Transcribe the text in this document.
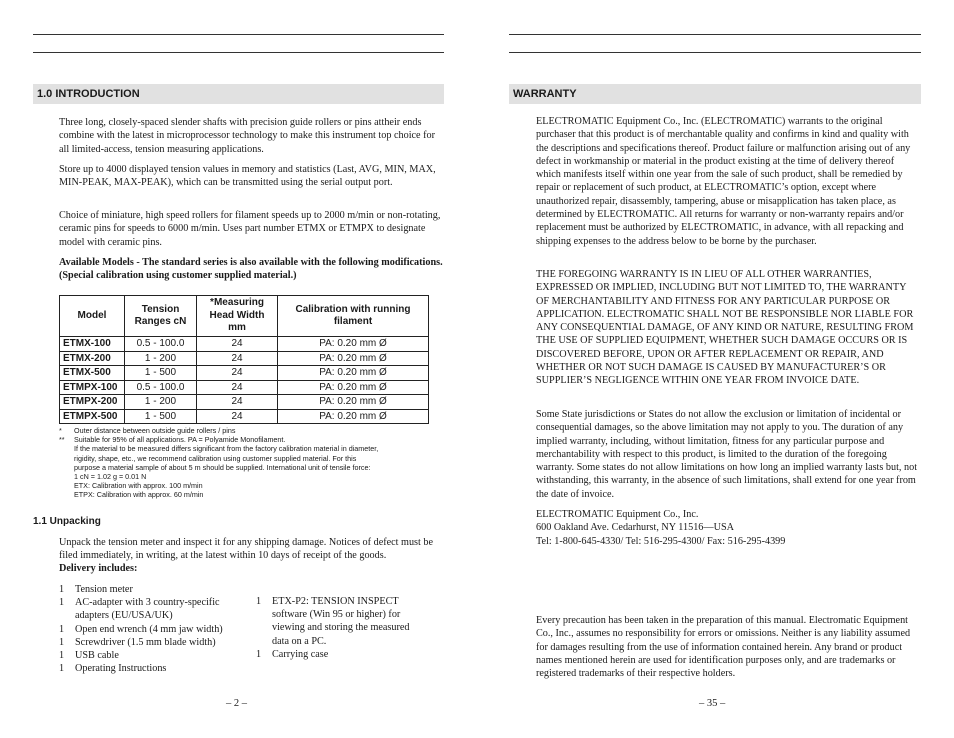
1.0 INTRODUCTION

Three long, closely-spaced slender shafts with precision guide rollers or pins attheir ends combine with the latest in microprocessor technology to make this instrument top choice for all limited-access, tension measuring applications.

Store up to 4000 displayed tension values in memory and statistics (Last, AVG, MIN, MAX, MIN-PEAK, MAX-PEAK), which can be transmitted using the serial output port.

Choice of miniature, high speed rollers for filament speeds up to 2000 m/min or non-rotating, ceramic pins for speeds to 6000 m/min. Uses part number ETMX or ETMPX to designate model with ceramic pins.

Available Models - The standard series is also available with the following modifications. (Special calibration using customer supplied material.)

Model	Tension Ranges cN	*Measuring Head Width mm	Calibration with running filament
ETMX-100	0.5 - 100.0	24	PA: 0.20 mm Ø
ETMX-200	1 - 200	24	PA: 0.20 mm Ø
ETMX-500	1 - 500	24	PA: 0.20 mm Ø
ETMPX-100	0.5 - 100.0	24	PA: 0.20 mm Ø
ETMPX-200	1 - 200	24	PA: 0.20 mm Ø
ETMPX-500	1 - 500	24	PA: 0.20 mm Ø
*	Outer distance between outside guide rollers / pins
**	Suitable for 95% of all applications. PA = Polyamide Monofilament.
If the material to be measured differs significant from the factory calibration material in diameter,
rigidity, shape, etc., we recommend calibration using customer supplied material. For this
purpose a material sample of about 5 m should be supplied. International unit of tensile force:
1 cN = 1.02 g = 0.01 N
ETX: Calibration with approx. 100 m/min
ETPX: Calibration with approx. 60 m/min
1.1 Unpacking

Unpack the tension meter and inspect it for any shipping damage. Notices of defect must be filed immediately, in writing, at the latest within 10 days of receipt of the goods.

Delivery includes:

1	Tension meter
1	AC-adapter with 3 country-specific
adapters (EU/USA/UK)
1	Open end wrench (4 mm jaw width)
1	Screwdriver (1.5 mm blade width)
1	USB cable
1	Operating Instructions
1	ETX-P2: TENSION INSPECT
software (Win 95 or higher) for
viewing and storing the measured
data on a PC.
1	Carrying case
– 2 –
WARRANTY

ELECTROMATIC Equipment Co., Inc. (ELECTROMATIC) warrants to the original purchaser that this product is of merchantable quality and confirms in kind and quality with the descriptions and specifications thereof. Product failure or malfunction arising out of any defect in workmanship or material in the product existing at the time of delivery thereof which manifests itself within one year from the sale of such product, shall be remedied by repair or replacement of such product, at ELECTROMATIC’s option, except where unauthorized repair, disassembly, tampering, abuse or misapplication has taken place, as determined by ELECTROMATIC. All returns for warranty or non-warranty repairs and/or replacement must be authorized by ELECTROMATIC, in advance, with all repacking and shipping expenses to the address below to be borne by the purchaser.

THE FOREGOING WARRANTY IS IN LIEU OF ALL OTHER WARRANTIES, EXPRESSED OR IMPLIED, INCLUDING BUT NOT LIMITED TO, THE WARRANTY OF MERCHANTABILITY AND FITNESS FOR ANY PARTICULAR PURPOSE OR APPLICATION. ELECTROMATIC SHALL NOT BE RESPONSIBLE NOR LIABLE FOR ANY CONSEQUENTIAL DAMAGE, OF ANY KIND OR NATURE, RESULTING FROM THE USE OF SUPPLIED EQUIPMENT, WHETHER SUCH DAMAGE OCCURS OR IS DISCOVERED BEFORE, UPON OR AFTER REPLACEMENT OR REPAIR, AND WHETHER OR NOT SUCH DAMAGE IS CAUSED BY MANUFACTURER’S OR SUPPLIER’S NEGLIGENCE WITHIN ONE YEAR FROM INVOICE DATE.

Some State jurisdictions or States do not allow the exclusion or limitation of incidental or consequential damages, so the above limitation may not apply to you. The duration of any implied warranty, including, without limitation, fitness for any particular purpose and merchantability with respect to this product, is limited to the duration of the foregoing warranty. Some states do not allow limitations on how long an implied warranty lasts but, not withstanding, this warranty, in the absence of such limitations, shall extend for one year from the date of invoice.

ELECTROMATIC Equipment Co., Inc.
600 Oakland Ave. Cedarhurst, NY 11516—USA
Tel: 1-800-645-4330/ Tel: 516-295-4300/ Fax: 516-295-4399

Every precaution has been taken in the preparation of this manual. Electromatic Equipment Co., Inc., assumes no responsibility for errors or omissions. Neither is any liability assumed for damages resulting from the use of information contained herein. Any brand or product names mentioned herein are used for identification purposes only, and are trademarks or registered trademarks of their respective holders.

– 35 –
